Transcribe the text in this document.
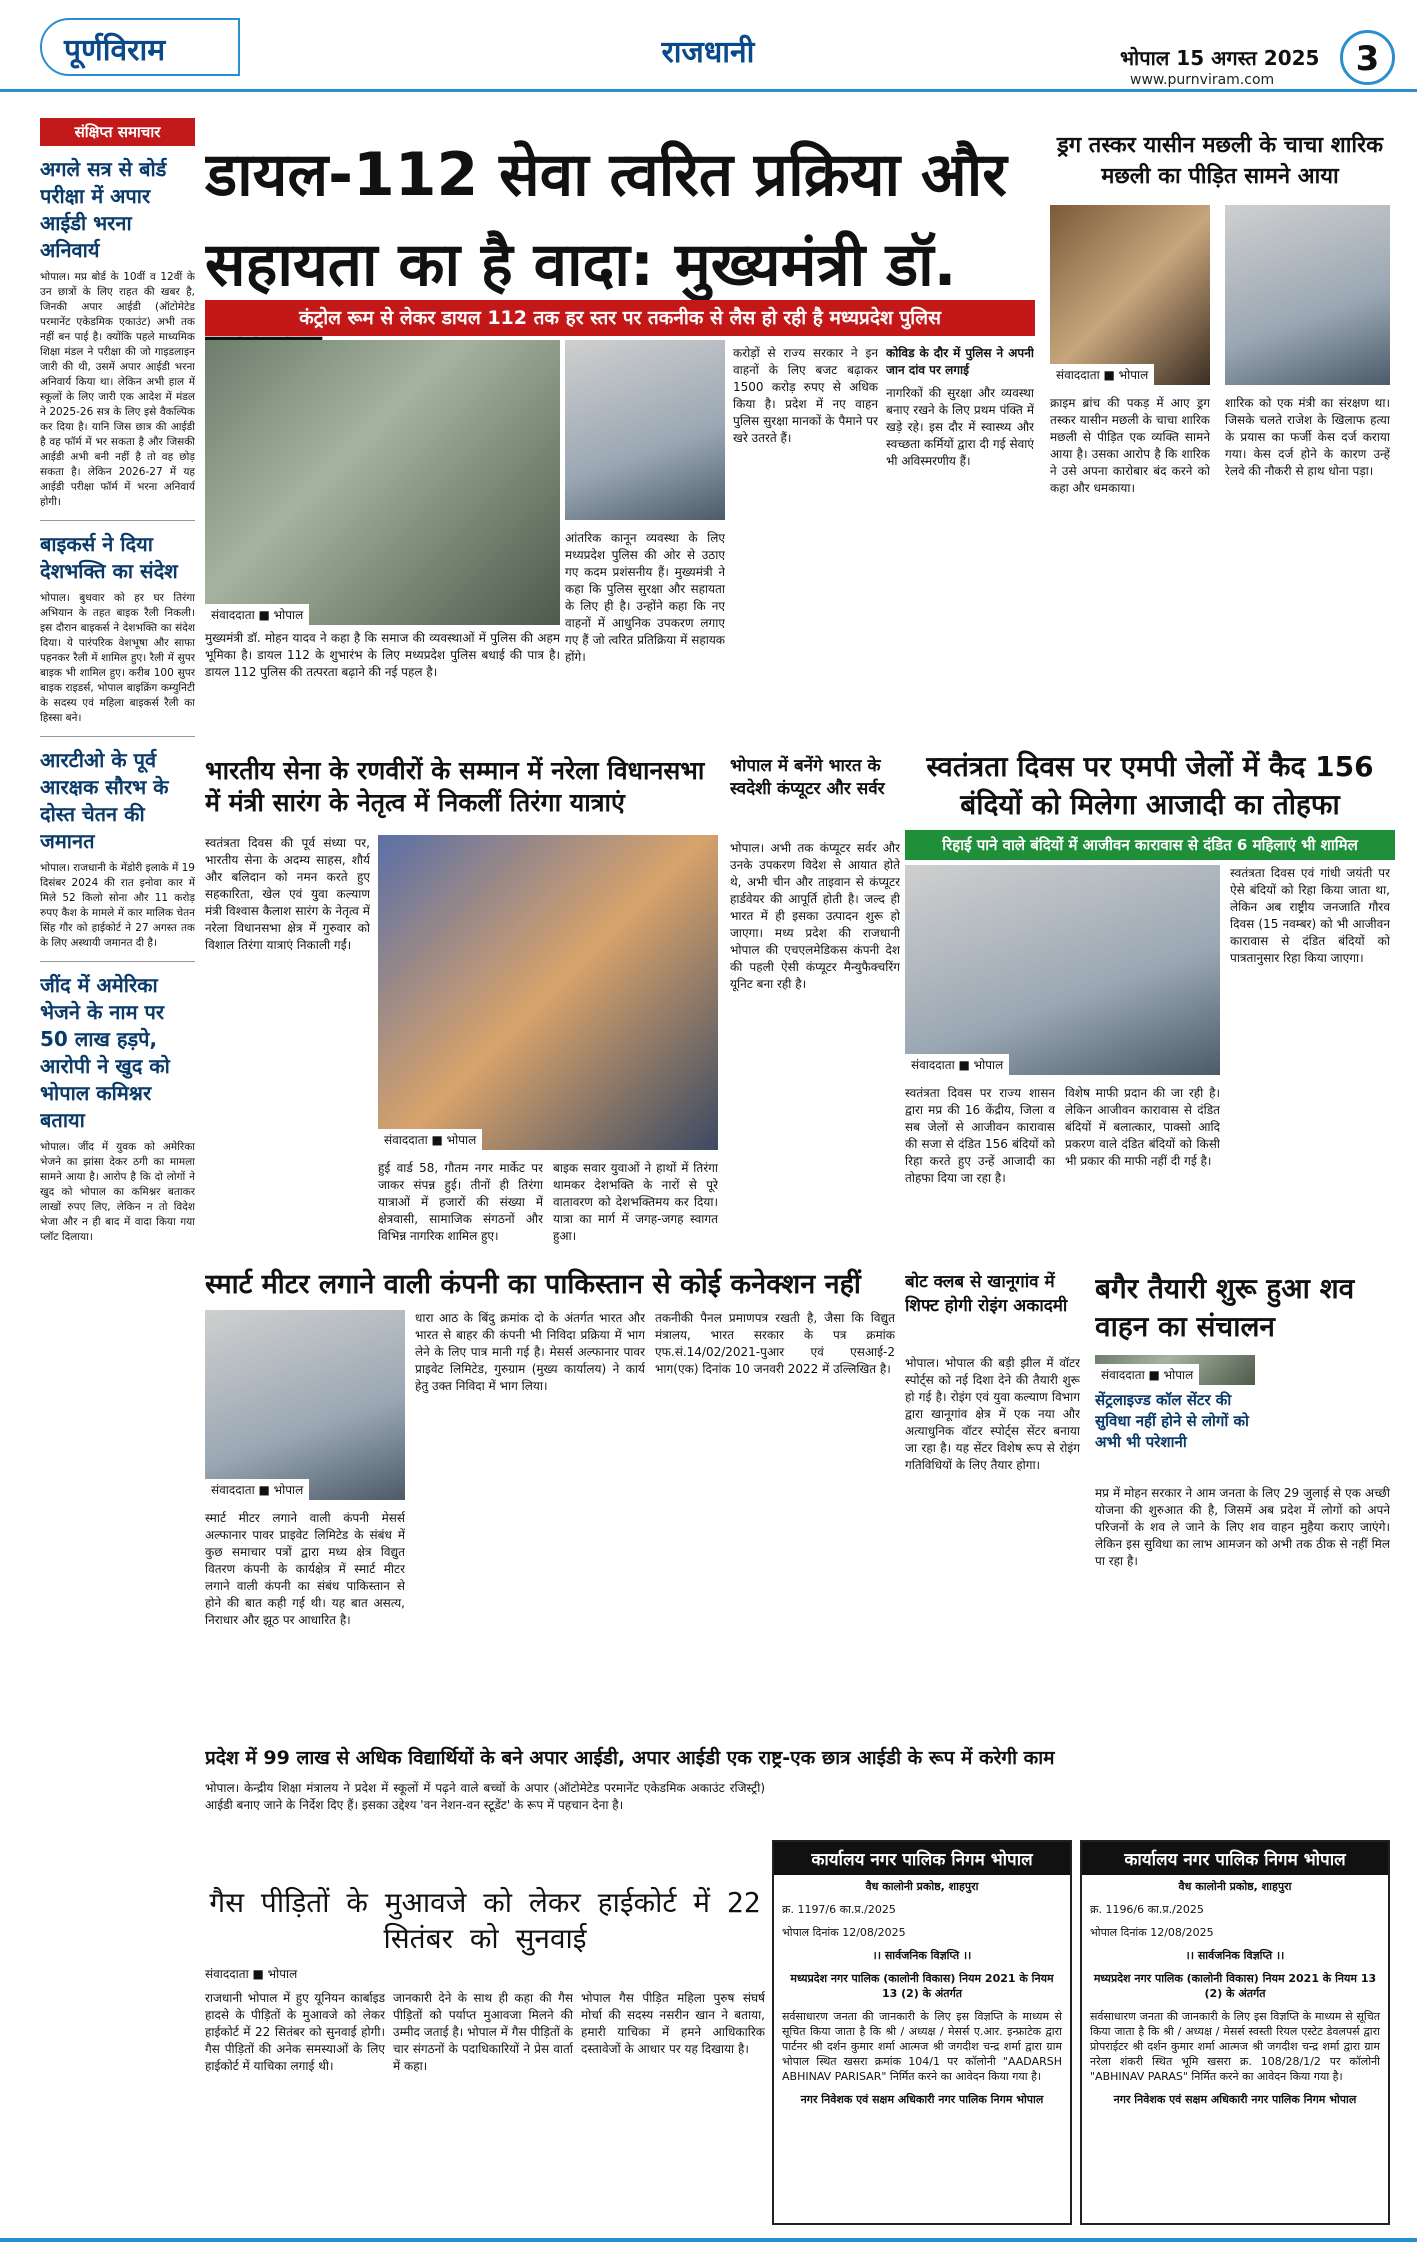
पूर्णविराम	राजधानी	भोपाल 15 अगस्त 2025
www.purnviram.com
3
संक्षिप्त समाचार
अगले सत्र से बोर्ड परीक्षा में अपार आईडी भरना अनिवार्य
भोपाल। मप्र बोर्ड के 10वीं व 12वीं के उन छात्रों के लिए राहत की खबर है, जिनकी अपार आईडी (ऑटोमेटेड परमानेंट एकेडमिक एकाउंट) अभी तक नहीं बन पाई है। क्योंकि पहले माध्यमिक शिक्षा मंडल ने परीक्षा की जो गाइडलाइन जारी की थी, उसमें अपार आईडी भरना अनिवार्य किया था। लेकिन अभी हाल में स्कूलों के लिए जारी एक आदेश में मंडल ने 2025-26 सत्र के लिए इसे वैकल्पिक कर दिया है। यानि जिस छात्र की आईडी है वह फॉर्म में भर सकता है और जिसकी आईडी अभी बनी नहीं है तो वह छोड़ सकता है। लेकिन 2026-27 में यह आईडी परीक्षा फॉर्म में भरना अनिवार्य होगी।
बाइकर्स ने दिया देशभक्ति का संदेश
भोपाल। बुधवार को हर घर तिरंगा अभियान के तहत बाइक रैली निकली। इस दौरान बाइकर्स ने देशभक्ति का संदेश दिया। ये पारंपरिक वेशभूषा और साफा पहनकर रैली में शामिल हुए। रैली में सुपर बाइक भी शामिल हुए। करीब 100 सुपर बाइक राइडर्स, भोपाल बाइक्रिंग कम्युनिटी के सदस्य एवं महिला बाइकर्स रैली का हिस्सा बने।
आरटीओ के पूर्व आरक्षक सौरभ के दोस्त चेतन की जमानत
भोपाल। राजधानी के मेंडोरी इलाके में 19 दिसंबर 2024 की रात इनोवा कार में मिले 52 किलो सोना और 11 करोड़ रुपए कैश के मामले में कार मालिक चेतन सिंह गौर को हाईकोर्ट ने 27 अगस्त तक के लिए अस्थायी जमानत दी है।
जींद में अमेरिका भेजने के नाम पर 50 लाख हड़पे, आरोपी ने खुद को भोपाल कमिश्नर बताया
भोपाल। जींद में युवक को अमेरिका भेजने का झांसा देकर ठगी का मामला सामने आया है। आरोप है कि दो लोगों ने खुद को भोपाल का कमिश्नर बताकर लाखों रुपए लिए, लेकिन न तो विदेश भेजा और न ही बाद में वादा किया गया प्लॉट दिलाया।
डायल-112 सेवा त्वरित प्रक्रिया और
सहायता का है वादा: मुख्यमंत्री डॉ.
कंट्रोल रूम से लेकर डायल 112 तक हर स्तर पर तकनीक से लैस हो रही है मध्यप्रदेश पुलिस
संवाददाता ■ भोपाल
आंतरिक कानून व्यवस्था के लिए मध्यप्रदेश पुलिस की ओर से उठाए गए कदम प्रशंसनीय हैं। मुख्यमंत्री ने कहा कि पुलिस सुरक्षा और सहायता के लिए ही है। उन्होंने कहा कि नए वाहनों में आधुनिक उपकरण लगाए गए हैं जो त्वरित प्रतिक्रिया में सहायक होंगे।
मुख्यमंत्री डॉ. मोहन यादव ने कहा है कि समाज की व्यवस्थाओं में पुलिस की अहम भूमिका है। डायल 112 के शुभारंभ के लिए मध्यप्रदेश पुलिस बधाई की पात्र है। डायल 112 पुलिस की तत्परता बढ़ाने की नई पहल है।
करोड़ों से राज्य सरकार ने इन वाहनों के लिए बजट बढ़ाकर 1500 करोड़ रुपए से अधिक किया है। प्रदेश में नए वाहन पुलिस सुरक्षा मानकों के पैमाने पर खरे उतरते हैं।
कोविड के दौर में पुलिस ने अपनी जान दांव पर लगाई
नागरिकों की सुरक्षा और व्यवस्था बनाए रखने के लिए प्रथम पंक्ति में खड़े रहे। इस दौर में स्वास्थ्य और स्वच्छता कर्मियों द्वारा दी गई सेवाएं भी अविस्मरणीय हैं।
ड्रग तस्कर यासीन मछली के चाचा शारिक मछली का पीड़ित सामने आया
संवाददाता ■ भोपाल
क्राइम ब्रांच की पकड़ में आए ड्रग तस्कर यासीन मछली के चाचा शारिक मछली से पीड़ित एक व्यक्ति सामने आया है। उसका आरोप है कि शारिक ने उसे अपना कारोबार बंद करने को कहा और धमकाया।
शारिक को एक मंत्री का संरक्षण था। जिसके चलते राजेश के खिलाफ हत्या के प्रयास का फर्जी केस दर्ज कराया गया। केस दर्ज होने के कारण उन्हें रेलवे की नौकरी से हाथ धोना पड़ा।
भारतीय सेना के रणवीरों के सम्मान में नरेला विधानसभा में मंत्री सारंग के नेतृत्व में निकलीं तिरंगा यात्राएं
स्वतंत्रता दिवस की पूर्व संध्या पर, भारतीय सेना के अदम्य साहस, शौर्य और बलिदान को नमन करते हुए सहकारिता, खेल एवं युवा कल्याण मंत्री विश्वास कैलाश सारंग के नेतृत्व में नरेला विधानसभा क्षेत्र में गुरुवार को विशाल तिरंगा यात्राएं निकाली गईं।
संवाददाता ■ भोपाल
हुई वार्ड 58, गौतम नगर मार्केट पर जाकर संपन्न हुई। तीनों ही तिरंगा यात्राओं में हजारों की संख्या में क्षेत्रवासी, सामाजिक संगठनों और विभिन्न नागरिक शामिल हुए।
बाइक सवार युवाओं ने हाथों में तिरंगा थामकर देशभक्ति के नारों से पूरे वातावरण को देशभक्तिमय कर दिया। यात्रा का मार्ग में जगह-जगह स्वागत हुआ।
भोपाल में बनेंगे भारत के स्वदेशी कंप्यूटर और सर्वर
भोपाल। अभी तक कंप्यूटर सर्वर और उनके उपकरण विदेश से आयात होते थे, अभी चीन और ताइवान से कंप्यूटर हार्डवेयर की आपूर्ति होती है। जल्द ही भारत में ही इसका उत्पादन शुरू हो जाएगा। मध्य प्रदेश की राजधानी भोपाल की एचएलमेडिकस कंपनी देश की पहली ऐसी कंप्यूटर मैन्युफैक्चरिंग यूनिट बना रही है।
स्वतंत्रता दिवस पर एमपी जेलों में कैद 156 बंदियों को मिलेगा आजादी का तोहफा
रिहाई पाने वाले बंदियों में आजीवन कारावास से दंडित 6 महिलाएं भी शामिल
संवाददाता ■ भोपाल
स्वतंत्रता दिवस पर राज्य शासन द्वारा मप्र की 16 केंद्रीय, जिला व सब जेलों से आजीवन कारावास की सजा से दंडित 156 बंदियों को रिहा करते हुए उन्हें आजादी का तोहफा दिया जा रहा है।
विशेष माफी प्रदान की जा रही है। लेकिन आजीवन कारावास से दंडित बंदियों में बलात्कार, पाक्सो आदि प्रकरण वाले दंडित बंदियों को किसी भी प्रकार की माफी नहीं दी गई है।
स्वतंत्रता दिवस एवं गांधी जयंती पर ऐसे बंदियों को रिहा किया जाता था, लेकिन अब राष्ट्रीय जनजाति गौरव दिवस (15 नवम्बर) को भी आजीवन कारावास से दंडित बंदियों को पात्रतानुसार रिहा किया जाएगा।
स्मार्ट मीटर लगाने वाली कंपनी का पाकिस्तान से कोई कनेक्शन नहीं
संवाददाता ■ भोपाल
स्मार्ट मीटर लगाने वाली कंपनी मेसर्स अल्फानार पावर प्राइवेट लिमिटेड के संबंध में कुछ समाचार पत्रों द्वारा मध्य क्षेत्र विद्युत वितरण कंपनी के कार्यक्षेत्र में स्मार्ट मीटर लगाने वाली कंपनी का संबंध पाकिस्तान से होने की बात कही गई थी। यह बात असत्य, निराधार और झूठ पर आधारित है।
धारा आठ के बिंदु क्रमांक दो के अंतर्गत भारत और भारत से बाहर की कंपनी भी निविदा प्रक्रिया में भाग लेने के लिए पात्र मानी गई है। मेसर्स अल्फानार पावर प्राइवेट लिमिटेड, गुरुग्राम (मुख्य कार्यालय) ने कार्य हेतु उक्त निविदा में भाग लिया।
तकनीकी पैनल प्रमाणपत्र रखती है, जैसा कि विद्युत मंत्रालय, भारत सरकार के पत्र क्रमांक एफ.सं.14/02/2021-पुआर एवं एसआई-2 भाग(एक) दिनांक 10 जनवरी 2022 में उल्लिखित है।
बोट क्लब से खानूगांव में शिफ्ट होगी रोइंग अकादमी
भोपाल। भोपाल की बड़ी झील में वॉटर स्पोर्ट्स को नई दिशा देने की तैयारी शुरू हो गई है। रोइंग एवं युवा कल्याण विभाग द्वारा खानूगांव क्षेत्र में एक नया और अत्याधुनिक वॉटर स्पोर्ट्स सेंटर बनाया जा रहा है। यह सेंटर विशेष रूप से रोइंग गतिविधियों के लिए तैयार होगा।
बगैर तैयारी शुरू हुआ शव वाहन का संचालन
संवाददाता ■ भोपाल
सेंट्रलाइज्ड कॉल सेंटर की सुविधा नहीं होने से लोगों को अभी भी परेशानी
मप्र में मोहन सरकार ने आम जनता के लिए 29 जुलाई से एक अच्छी योजना की शुरुआत की है, जिसमें अब प्रदेश में लोगों को अपने परिजनों के शव ले जाने के लिए शव वाहन मुहैया कराए जाएंगे। लेकिन इस सुविधा का लाभ आमजन को अभी तक ठीक से नहीं मिल पा रहा है।
प्रदेश में 99 लाख से अधिक विद्यार्थियों के बने अपार आईडी, अपार आईडी एक राष्ट्र-एक छात्र आईडी के रूप में करेगी काम
भोपाल। केन्द्रीय शिक्षा मंत्रालय ने प्रदेश में स्कूलों में पढ़ने वाले बच्चों के अपार (ऑटोमेटेड परमानेंट एकेडमिक अकाउंट रजिस्ट्री) आईडी बनाए जाने के निर्देश दिए हैं। इसका उद्देश्य 'वन नेशन-वन स्टूडेंट' के रूप में पहचान देना है।
गैस पीड़ितों के मुआवजे को लेकर हाईकोर्ट में 22 सितंबर को सुनवाई
संवाददाता ■ भोपाल
राजधानी भोपाल में हुए यूनियन कार्बाइड हादसे के पीड़ितों के मुआवजे को लेकर हाईकोर्ट में 22 सितंबर को सुनवाई होगी। गैस पीड़ितों की अनेक समस्याओं के लिए हाईकोर्ट में याचिका लगाई थी।
जानकारी देने के साथ ही कहा की गैस पीड़ितों को पर्याप्त मुआवजा मिलने की उम्मीद जताई है। भोपाल में गैस पीड़ितों के चार संगठनों के पदाधिकारियों ने प्रेस वार्ता में कहा।
भोपाल गैस पीड़ित महिला पुरुष संघर्ष मोर्चा की सदस्य नसरीन खान ने बताया, हमारी याचिका में हमने आधिकारिक दस्तावेजों के आधार पर यह दिखाया है।
कार्यालय नगर पालिक निगम भोपाल
वैध कालोनी प्रकोष्ठ, शाहपुरा
क्र. 1197/6 का.प्र./2025
भोपाल दिनांक 12/08/2025
।। सार्वजनिक विज्ञप्ति ।।
मध्यप्रदेश नगर पालिक (कालोनी विकास) नियम 2021 के नियम 13 (2) के अंतर्गत
सर्वसाधारण जनता की जानकारी के लिए इस विज्ञप्ति के माध्यम से सूचित किया जाता है कि श्री / अध्यक्ष / मेसर्स ए.आर. इन्फ्राटेक द्वारा पार्टनर श्री दर्शन कुमार शर्मा आत्मज श्री जगदीश चन्द्र शर्मा द्वारा ग्राम भोपाल स्थित खसरा क्रमांक 104/1 पर कॉलोनी "AADARSH ABHINAV PARISAR" निर्मित करने का आवेदन किया गया है।
नगर निवेशक एवं सक्षम अधिकारी नगर पालिक निगम भोपाल
कार्यालय नगर पालिक निगम भोपाल
वैध कालोनी प्रकोष्ठ, शाहपुरा
क्र. 1196/6 का.प्र./2025
भोपाल दिनांक 12/08/2025
।। सार्वजनिक विज्ञप्ति ।।
मध्यप्रदेश नगर पालिक (कालोनी विकास) नियम 2021 के नियम 13 (2) के अंतर्गत
सर्वसाधारण जनता की जानकारी के लिए इस विज्ञप्ति के माध्यम से सूचित किया जाता है कि श्री / अध्यक्ष / मेसर्स स्वस्ती रियल एस्टेट डेवलपर्स द्वारा प्रोपराईटर श्री दर्शन कुमार शर्मा आत्मज श्री जगदीश चन्द्र शर्मा द्वारा ग्राम नरेला शंकरी स्थित भूमि खसरा क्र. 108/28/1/2 पर कॉलोनी "ABHINAV PARAS" निर्मित करने का आवेदन किया गया है।
नगर निवेशक एवं सक्षम अधिकारी नगर पालिक निगम भोपाल
